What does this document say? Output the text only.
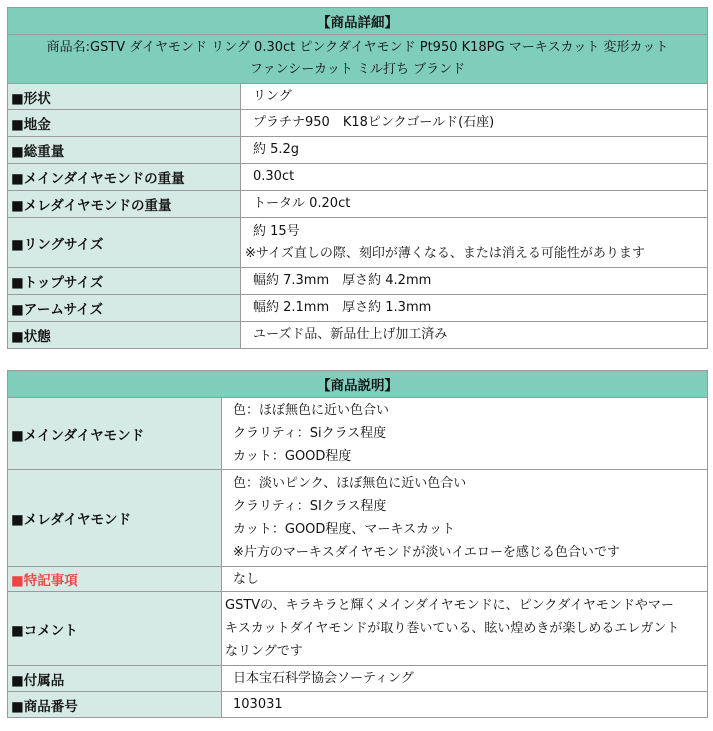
【商品詳細】	

商品名:GSTV ダイヤモンド リング 0.30ct ピンクダイヤモンド Pt950 K18PG マーキスカット 変形カット
ファンシーカット ミル打ち ブランド	

■形状	リング
■地金	プラチナ950　K18ピンクゴールド(石座)
■総重量	約 5.2g
■メインダイヤモンドの重量	0.30ct
■メレダイヤモンドの重量	トータル 0.20ct
■リングサイズ	約 15号
※サイズ直しの際、刻印が薄くなる、または消える可能性があります

■トップサイズ	幅約 7.3mm　厚さ約 4.2mm
■アームサイズ	幅約 2.1mm　厚さ約 1.3mm
■状態	ユーズド品、新品仕上げ加工済み
【商品説明】	
■メインダイヤモンド	色：ほぼ無色に近い色合い
クラリティ：Siクラス程度
カット：GOOD程度

■メレダイヤモンド	色：淡いピンク、ほぼ無色に近い色合い
クラリティ：SIクラス程度
カット：GOOD程度、マーキスカット
※片方のマーキスダイヤモンドが淡いイエローを感じる色合いです

■特記事項	なし
■コメント	GSTVの、キラキラと輝くメインダイヤモンドに、ピンクダイヤモンドやマー
キスカットダイヤモンドが取り巻いている、眩い煌めきが楽しめるエレガント
なリングです

■付属品	日本宝石科学協会ソーティング
■商品番号	103031
